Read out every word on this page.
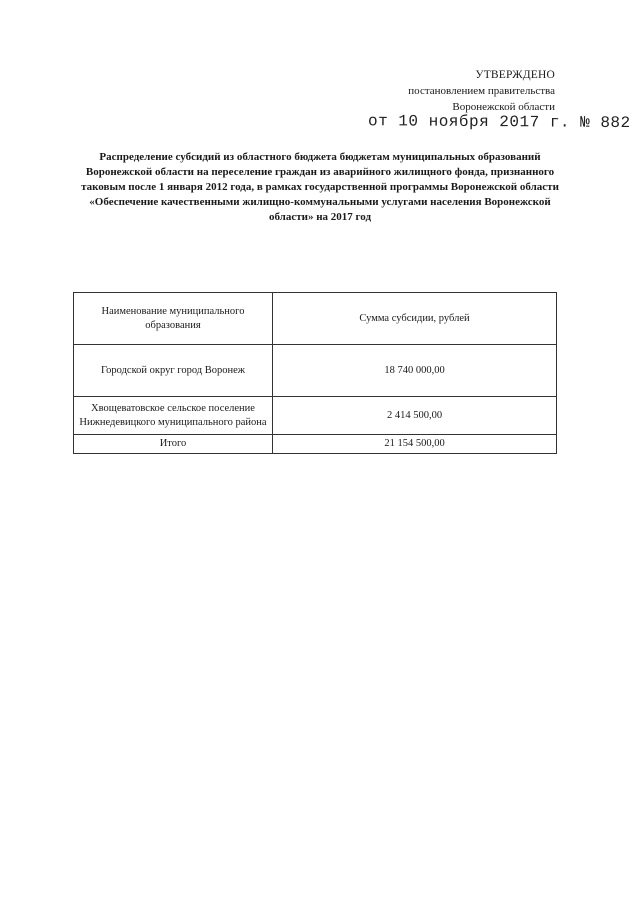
УТВЕРЖДЕНО
постановлением правительства
Воронежской области
от 10 ноября 2017 г. № 882
Распределение субсидий из областного бюджета бюджетам муниципальных образований
Воронежской области на переселение граждан из аварийного жилищного фонда, признанного
таковым после 1 января 2012 года, в рамках государственной программы Воронежской области
«Обеспечение качественными жилищно-коммунальными услугами населения Воронежской
области» на 2017 год
Наименование муниципального образования	Сумма субсидии, рублей
Городской округ город Воронеж	18 740 000,00
Хвощеватовское сельское поселение Нижнедевицкого муниципального района	2 414 500,00
Итого	21 154 500,00
